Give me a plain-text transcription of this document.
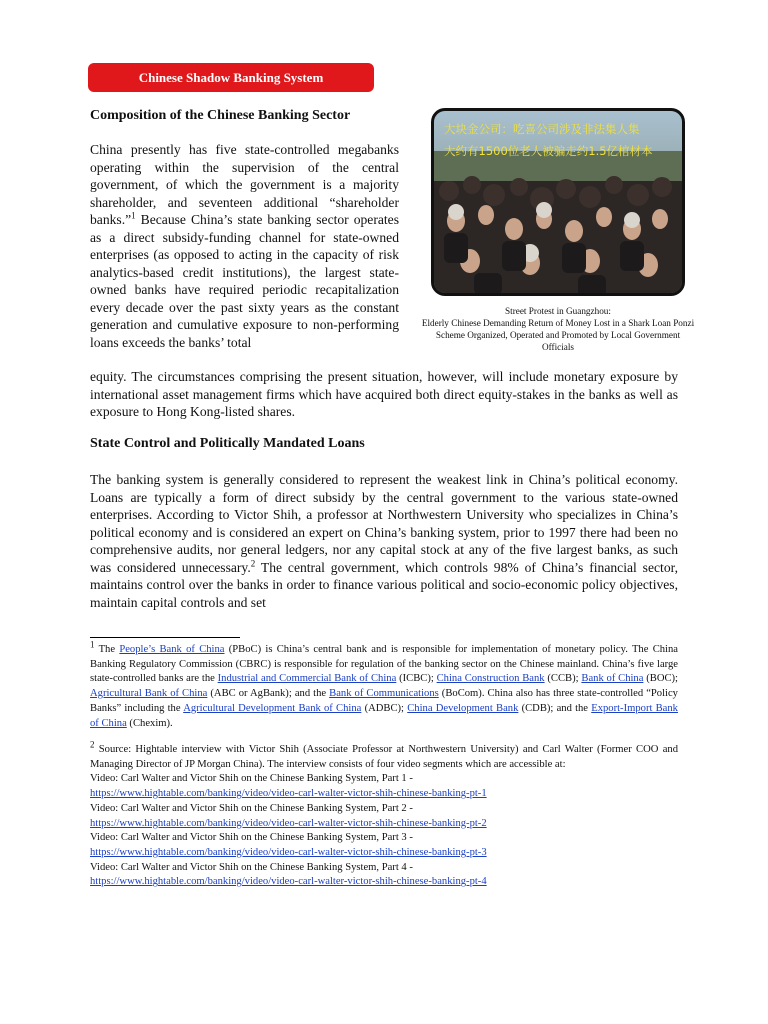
Chinese Shadow Banking System
Composition of the Chinese Banking Sector

China presently has five state-controlled megabanks operating within the supervision of the central government, of which the government is a majority shareholder, and seventeen additional “shareholder banks.”$^1$ Because China’s state banking sector operates as a direct subsidy-funding channel for state-owned enterprises (as opposed to acting in the capacity of risk analytics-based credit institutions), the largest state-owned banks have required periodic recapitalization every decade over the past sixty years as the constant generation and cumulative exposure to non-performing loans exceeds the banks’ total

equity. The circumstances comprising the present situation, however, will include monetary exposure by international asset management firms which have acquired both direct equity-stakes in the banks as well as exposure to Hong Kong-listed shares.

大块金公司：吃喜公司涉及非法集人集
大约有1500位老人被骗走约1.5亿棺材本

Street Protest in Guangzhou:
Elderly Chinese Demanding Return of Money Lost in a Shark Loan Ponzi Scheme Organized, Operated and Promoted by Local Government Officials

State Control and Politically Mandated Loans

The banking system is generally considered to represent the weakest link in China’s political economy. Loans are typically a form of direct subsidy by the central government to the various state-owned enterprises. According to Victor Shih, a professor at Northwestern University who specializes in China’s political economy and is considered an expert on China’s banking system, prior to 1997 there had been no comprehensive audits, nor general ledgers, nor any capital stock at any of the five largest banks, as such was considered unnecessary.$^2$ The central government, which controls 98% of China’s financial sector, maintains control over the banks in order to finance various political and socio-economic policy objectives, maintain capital controls and set

$^1$ The People’s Bank of China (PBoC) is China’s central bank and is responsible for implementation of monetary policy. The China Banking Regulatory Commission (CBRC) is responsible for regulation of the banking sector on the Chinese mainland. China’s five large state-controlled banks are the Industrial and Commercial Bank of China (ICBC); China Construction Bank (CCB); Bank of China (BOC); Agricultural Bank of China (ABC or AgBank); and the Bank of Communications (BoCom). China also has three state-controlled “Policy Banks” including the Agricultural Development Bank of China (ADBC); China Development Bank (CDB); and the Export-Import Bank of China (Chexim).

$^2$ Source: Hightable interview with Victor Shih (Associate Professor at Northwestern University) and Carl Walter (Former COO and Managing Director of JP Morgan China). The interview consists of four video segments which are accessible at:
Video: Carl Walter and Victor Shih on the Chinese Banking System, Part 1 -
https://www.hightable.com/banking/video/video-carl-walter-victor-shih-chinese-banking-pt-1
Video: Carl Walter and Victor Shih on the Chinese Banking System, Part 2 -
https://www.hightable.com/banking/video/video-carl-walter-victor-shih-chinese-banking-pt-2
Video: Carl Walter and Victor Shih on the Chinese Banking System, Part 3 -
https://www.hightable.com/banking/video/video-carl-walter-victor-shih-chinese-banking-pt-3
Video: Carl Walter and Victor Shih on the Chinese Banking System, Part 4 -
https://www.hightable.com/banking/video/video-carl-walter-victor-shih-chinese-banking-pt-4
